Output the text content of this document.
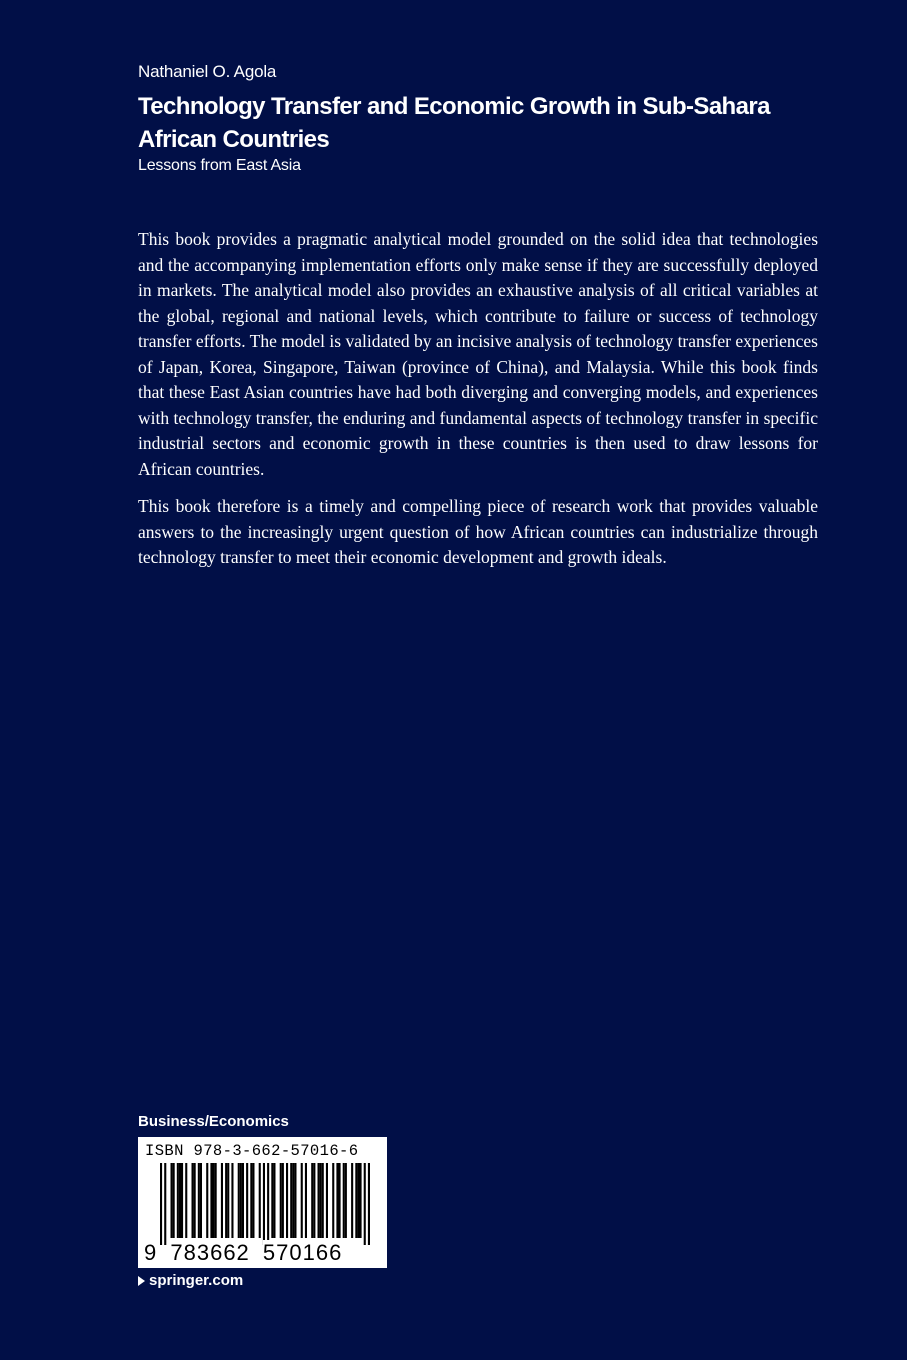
Nathaniel O. Agola
Technology Transfer and Economic Growth in Sub-Sahara African Countries
Lessons from East Asia

This book provides a pragmatic analytical model grounded on the solid idea that technologies and the accompanying implementation efforts only make sense if they are successfully deployed in markets. The analytical model also provides an exhaustive analysis of all critical variables at the global, regional and national levels, which contribute to failure or success of technology transfer efforts. The model is validated by an incisive analysis of technology transfer experiences of Japan, Korea, Singapore, Taiwan (province of China), and Malaysia. While this book finds that these East Asian countries have had both diverging and converging models, and experiences with technology transfer, the enduring and fundamental aspects of technology transfer in specific industrial sectors and economic growth in these countries is then used to draw lessons for African countries.

This book therefore is a timely and compelling piece of research work that provides valuable answers to the increasingly urgent question of how African countries can industrialize through technology transfer to meet their economic development and growth ideals.

Business/Economics
ISBN 978-3-662-57016-6
9 783662 570166
springer.com
